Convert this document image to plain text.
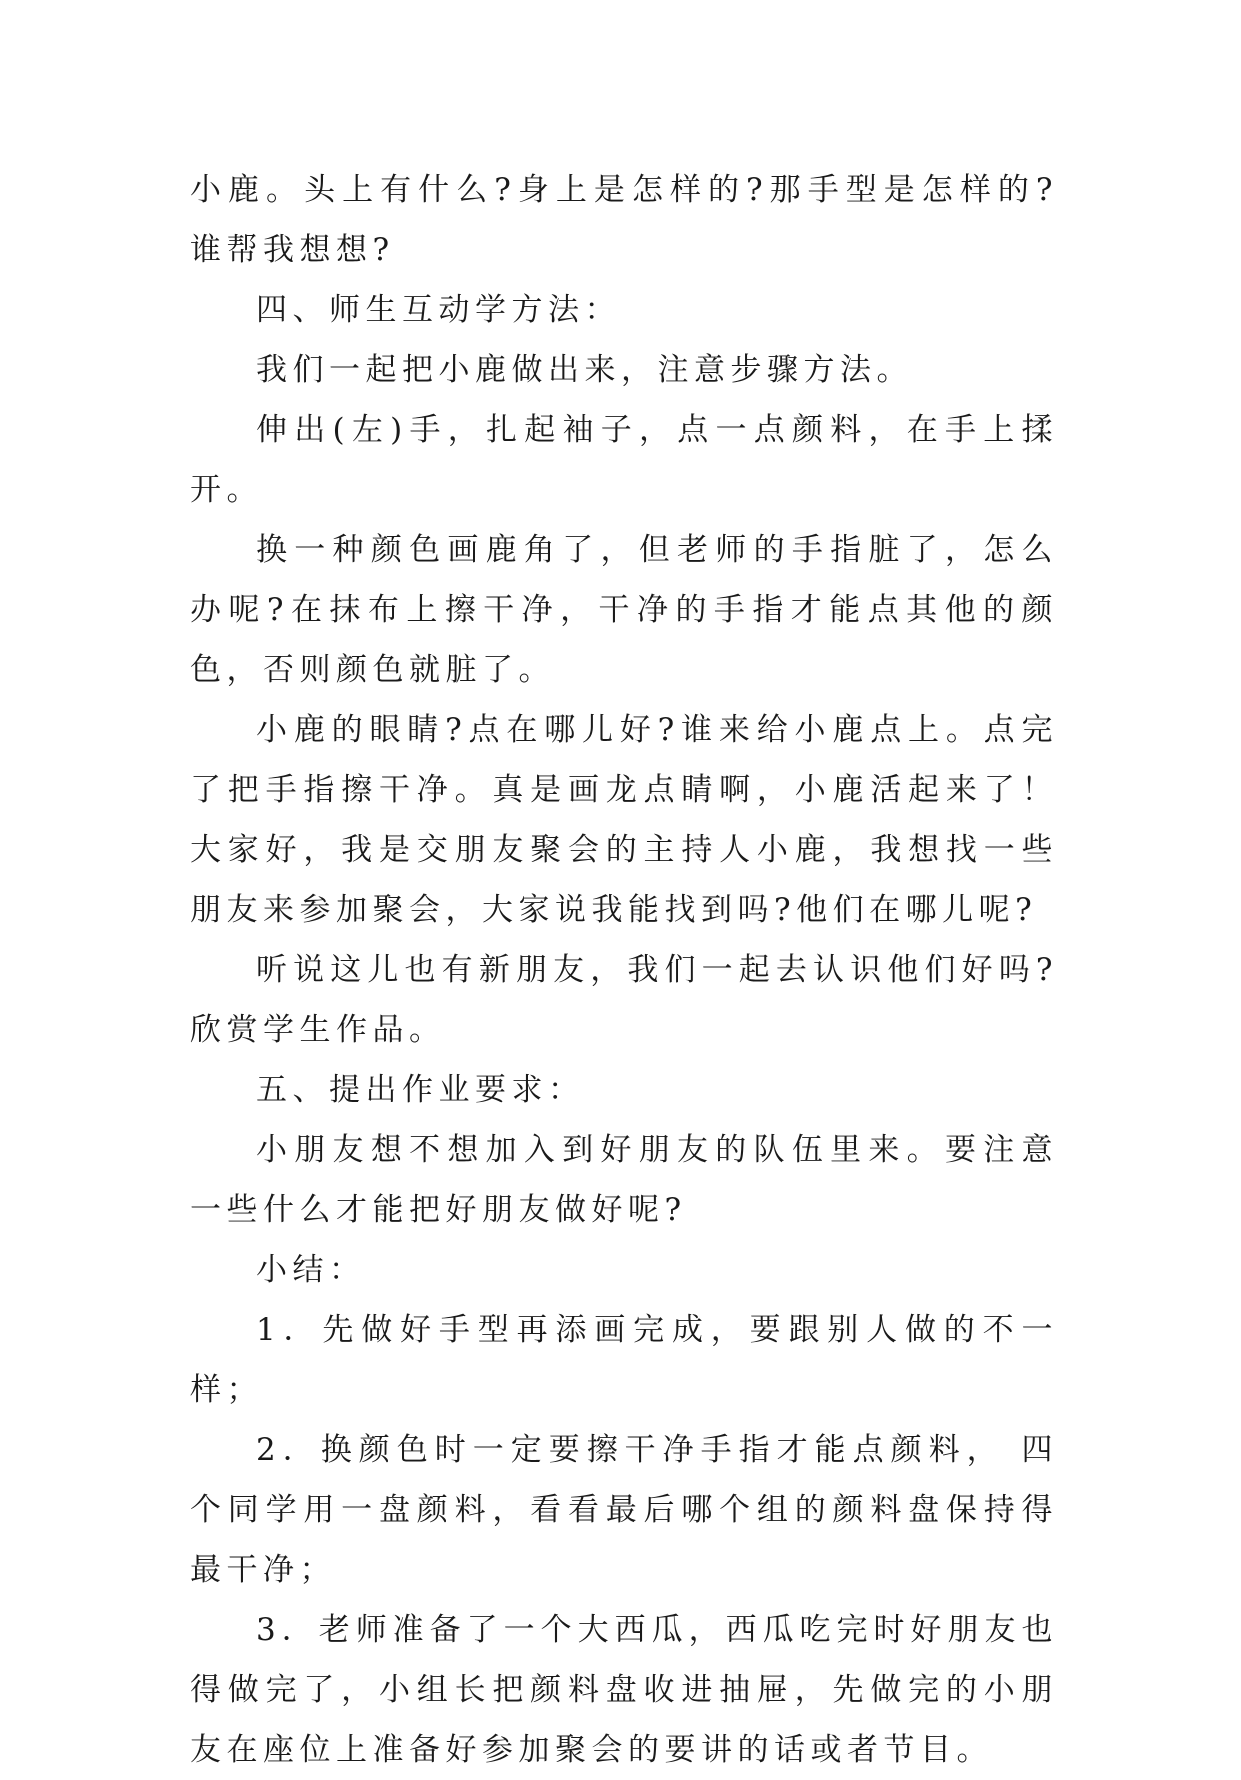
小鹿。头上有什么?身上是怎样的?那手型是怎样的?谁帮我想想?

四、师生互动学方法：

我们一起把小鹿做出来，注意步骤方法。

伸出(左)手，扎起袖子，点一点颜料，在手上揉开。

换一种颜色画鹿角了，但老师的手指脏了，怎么办呢?在抹布上擦干净，干净的手指才能点其他的颜色，否则颜色就脏了。

小鹿的眼睛?点在哪儿好?谁来给小鹿点上。点完了把手指擦干净。真是画龙点睛啊，小鹿活起来了！大家好，我是交朋友聚会的主持人小鹿，我想找一些朋友来参加聚会，大家说我能找到吗?他们在哪儿呢?

听说这儿也有新朋友，我们一起去认识他们好吗?欣赏学生作品。

五、提出作业要求：

小朋友想不想加入到好朋友的队伍里来。要注意一些什么才能把好朋友做好呢?

小结：

1．先做好手型再添画完成，要跟别人做的不一样；

2．换颜色时一定要擦干净手指才能点颜料， 四个同学用一盘颜料，看看最后哪个组的颜料盘保持得最干净；

3．老师准备了一个大西瓜，西瓜吃完时好朋友也得做完了，小组长把颜料盘收进抽屉，先做完的小朋友在座位上准备好参加聚会的要讲的话或者节目。
